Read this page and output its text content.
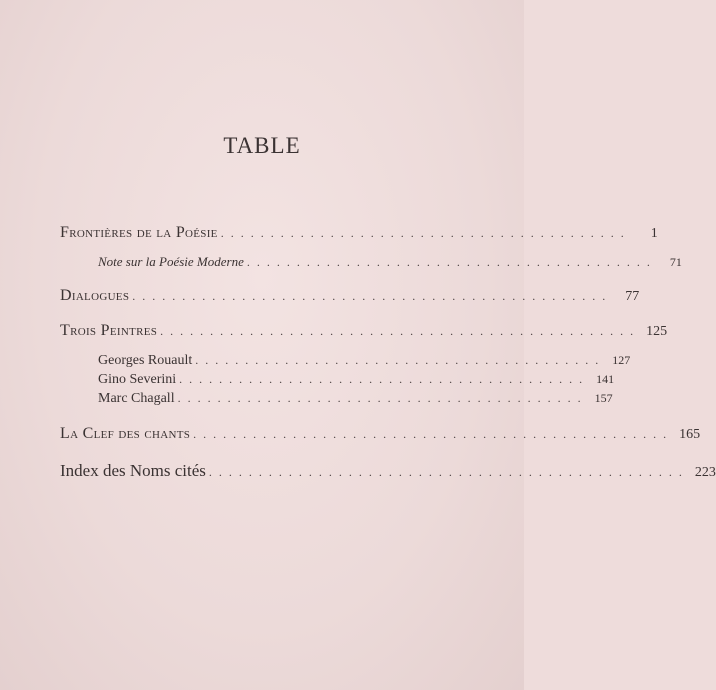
TABLE
Frontières de la Poésie . . . . . . . . . . . . . . . . . . . . . . . . . . . . . . . . . . . . . . . . .	1
Note sur la Poésie Moderne . . . . . . . . . . . . . . . . . . . . . . . . . . . . . . . . . . . . . . . . .	71
Dialogues . . . . . . . . . . . . . . . . . . . . . . . . . . . . . . . . . . . . . . . . . . . . . . . .	77
Trois Peintres . . . . . . . . . . . . . . . . . . . . . . . . . . . . . . . . . . . . . . . . . . . . . . . . 125
Georges Rouault . . . . . . . . . . . . . . . . . . . . . . . . . . . . . . . . . . . . . . . . .	127
Gino Severini . . . . . . . . . . . . . . . . . . . . . . . . . . . . . . . . . . . . . . . . .	141
Marc Chagall . . . . . . . . . . . . . . . . . . . . . . . . . . . . . . . . . . . . . . . . .	157
La Clef des chants . . . . . . . . . . . . . . . . . . . . . . . . . . . . . . . . . . . . . . . . . . . . . . . . 165
Index des Noms cités . . . . . . . . . . . . . . . . . . . . . . . . . . . . . . . . . . . . . . . . . . . . . . . . 223
